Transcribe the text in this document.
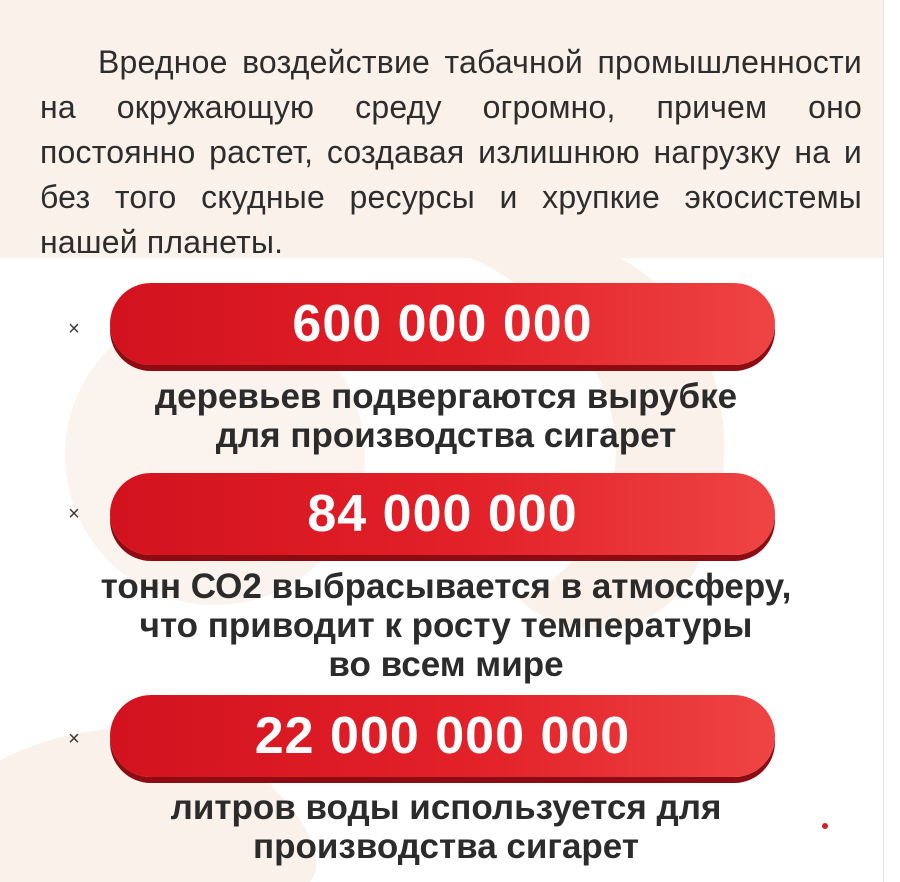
Вредное воздействие табачной промышленности на окружающую среду огромно, причем оно постоянно растет, создавая излишнюю нагрузку на и без того скудные ресурсы и хрупкие экосистемы нашей планеты.

×	600 000 000
деревьев подвергаются вырубке
для производства сигарет
×	84 000 000
тонн СО2 выбрасывается в атмосферу,
что приводит к росту температуры
во всем мире
×	22 000 000 000
литров воды используется для
производства сигарет
